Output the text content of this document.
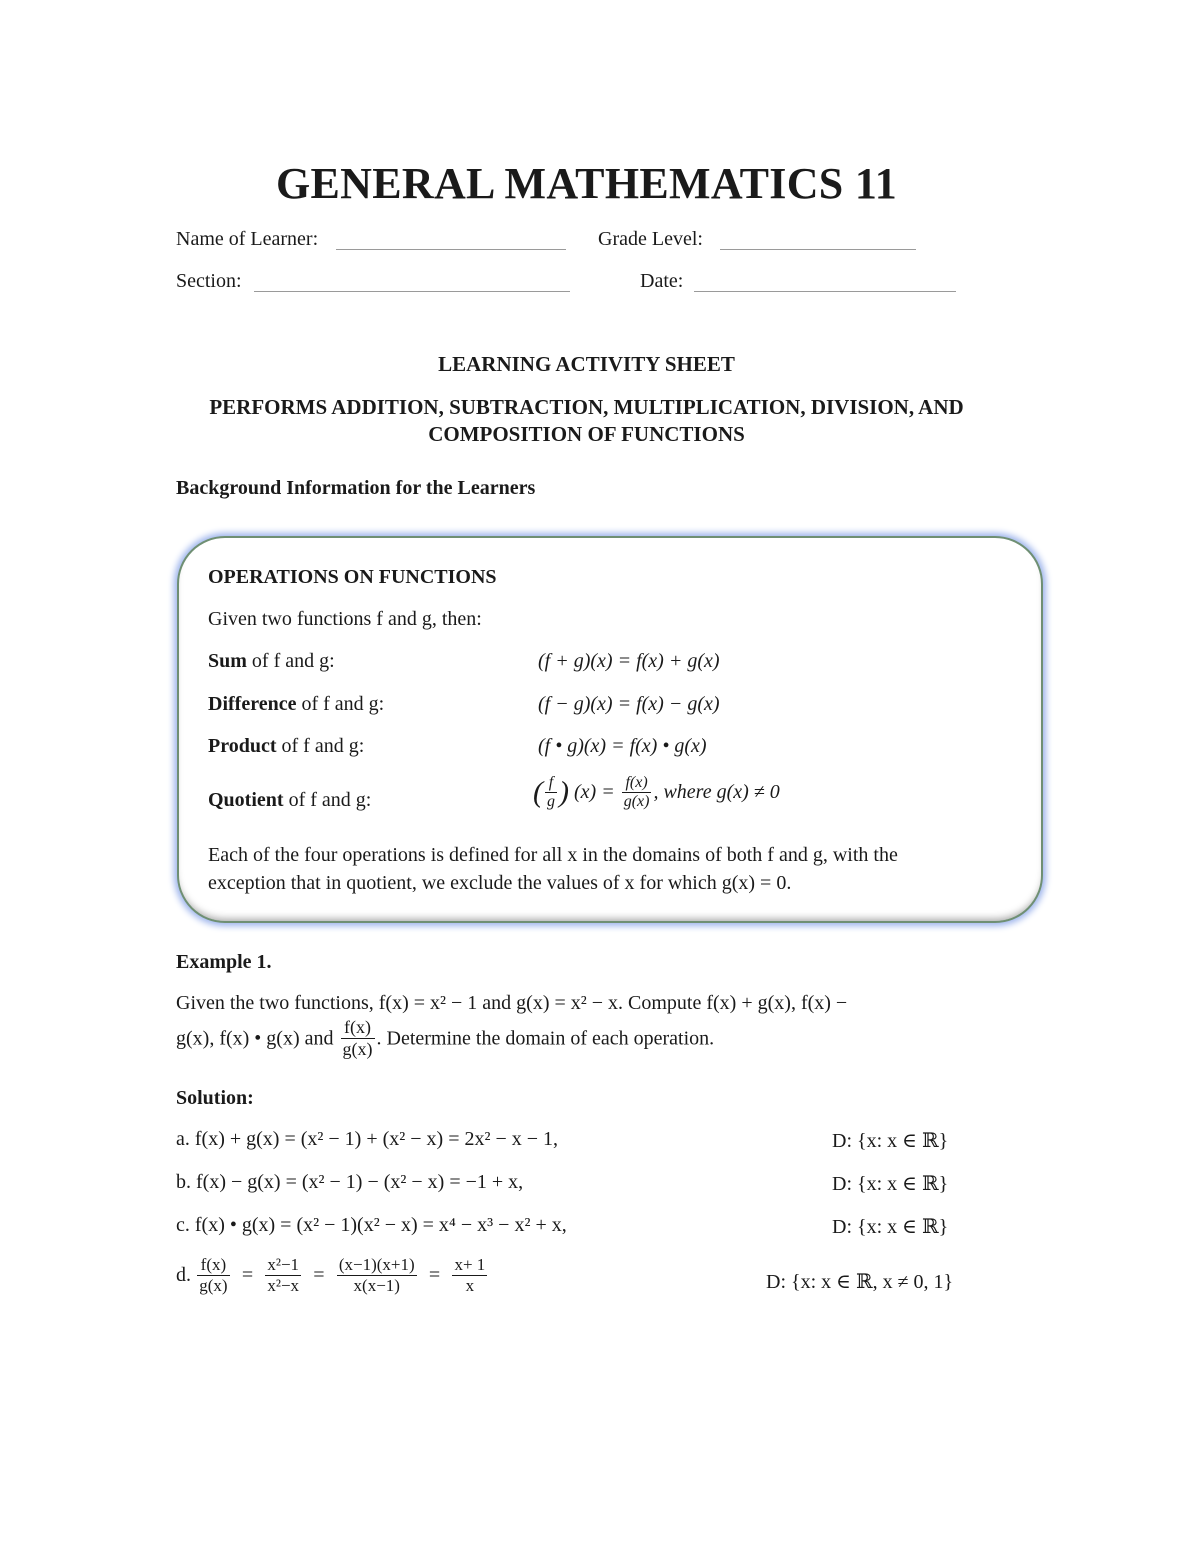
GENERAL MATHEMATICS 11
Name of Learner:	Grade Level:
Section:	Date:
LEARNING ACTIVITY SHEET
PERFORMS ADDITION, SUBTRACTION, MULTIPLICATION, DIVISION, AND
COMPOSITION OF FUNCTIONS
Background Information for the Learners
OPERATIONS ON FUNCTIONS
Given two functions f and g, then:
Sum of f and g:	(f + g)(x) = f(x) + g(x)
Difference of f and g:	(f − g)(x) = f(x) − g(x)
Product of f and g:	(f • g)(x) = f(x) • g(x)
Quotient of f and g:	( $\frac{f}{g}$ ) $(x) = \frac{f(x)}{g(x)}$ , where g(x) ≠ 0
Each of the four operations is defined for all x in the domains of both f and g, with the
exception that in quotient, we exclude the values of x for which g(x) = 0.
Example 1.
Given the two functions, f(x) = x² − 1 and g(x) = x² − x. Compute f(x) + g(x), f(x) −
g(x), f(x) • g(x) and $\frac{f(x)}{g(x)}$ . Determine the domain of each operation.
Solution:
a. f(x) + g(x) = (x² − 1) + (x² − x) = 2x² − x − 1,	D: {x: x ∈ ℝ}
b. f(x) − g(x) = (x² − 1) − (x² − x) = −1 + x,	D: {x: x ∈ ℝ}
c. f(x) • g(x) = (x² − 1)(x² − x) = x⁴ − x³ − x² + x,	D: {x: x ∈ ℝ}
d. $\frac{f(x)}{g(x)} = \frac{\text{x²−1}}{\text{x²−x}} = \frac{(x-1)(x+1)}{x(x-1)} = \frac{x+ 1}{x}$	D: {x: x ∈ ℝ, x ≠ 0, 1}
